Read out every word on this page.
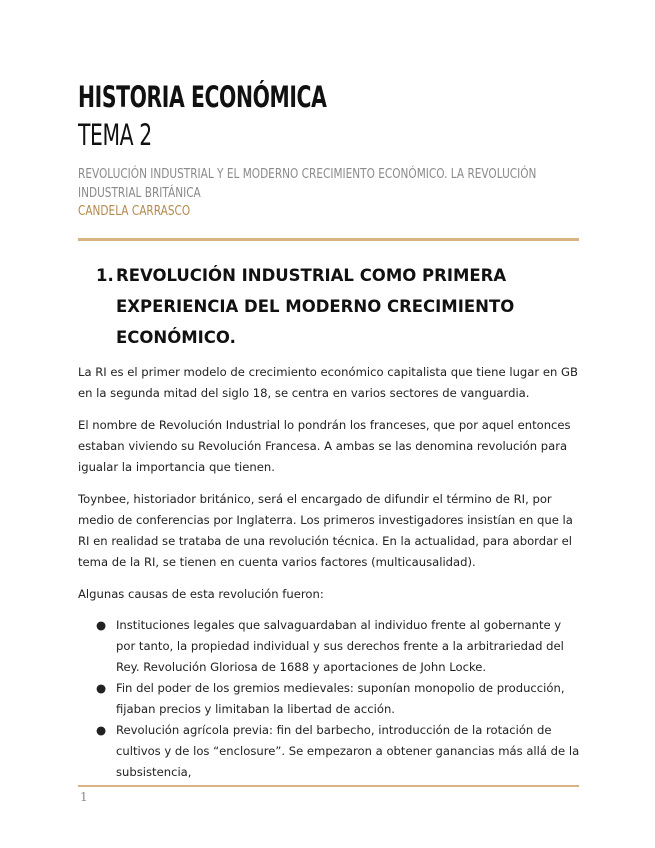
HISTORIA ECONÓMICA
TEMA 2
REVOLUCIÓN INDUSTRIAL Y EL MODERNO CRECIMIENTO ECONÓMICO. LA REVOLUCIÓN INDUSTRIAL BRITÁNICA
CANDELA CARRASCO
1. REVOLUCIÓN INDUSTRIAL COMO PRIMERA EXPERIENCIA DEL MODERNO CRECIMIENTO ECONÓMICO.

La RI es el primer modelo de crecimiento económico capitalista que tiene lugar en GB en la segunda mitad del siglo 18, se centra en varios sectores de vanguardia.

El nombre de Revolución Industrial lo pondrán los franceses, que por aquel entonces estaban viviendo su Revolución Francesa. A ambas se las denomina revolución para igualar la importancia que tienen.

Toynbee, historiador británico, será el encargado de difundir el término de RI, por medio de conferencias por Inglaterra. Los primeros investigadores insistían en que la RI en realidad se trataba de una revolución técnica. En la actualidad, para abordar el tema de la RI, se tienen en cuenta varios factores (multicausalidad).

Algunas causas de esta revolución fueron:

● Instituciones legales que salvaguardaban al individuo frente al gobernante y por tanto, la propiedad individual y sus derechos frente a la arbitrariedad del Rey. Revolución Gloriosa de 1688 y aportaciones de John Locke.
● Fin del poder de los gremios medievales: suponían monopolio de producción, fijaban precios y limitaban la libertad de acción.
● Revolución agrícola previa: fin del barbecho, introducción de la rotación de cultivos y de los “enclosure”. Se empezaron a obtener ganancias más allá de la subsistencia,
1
